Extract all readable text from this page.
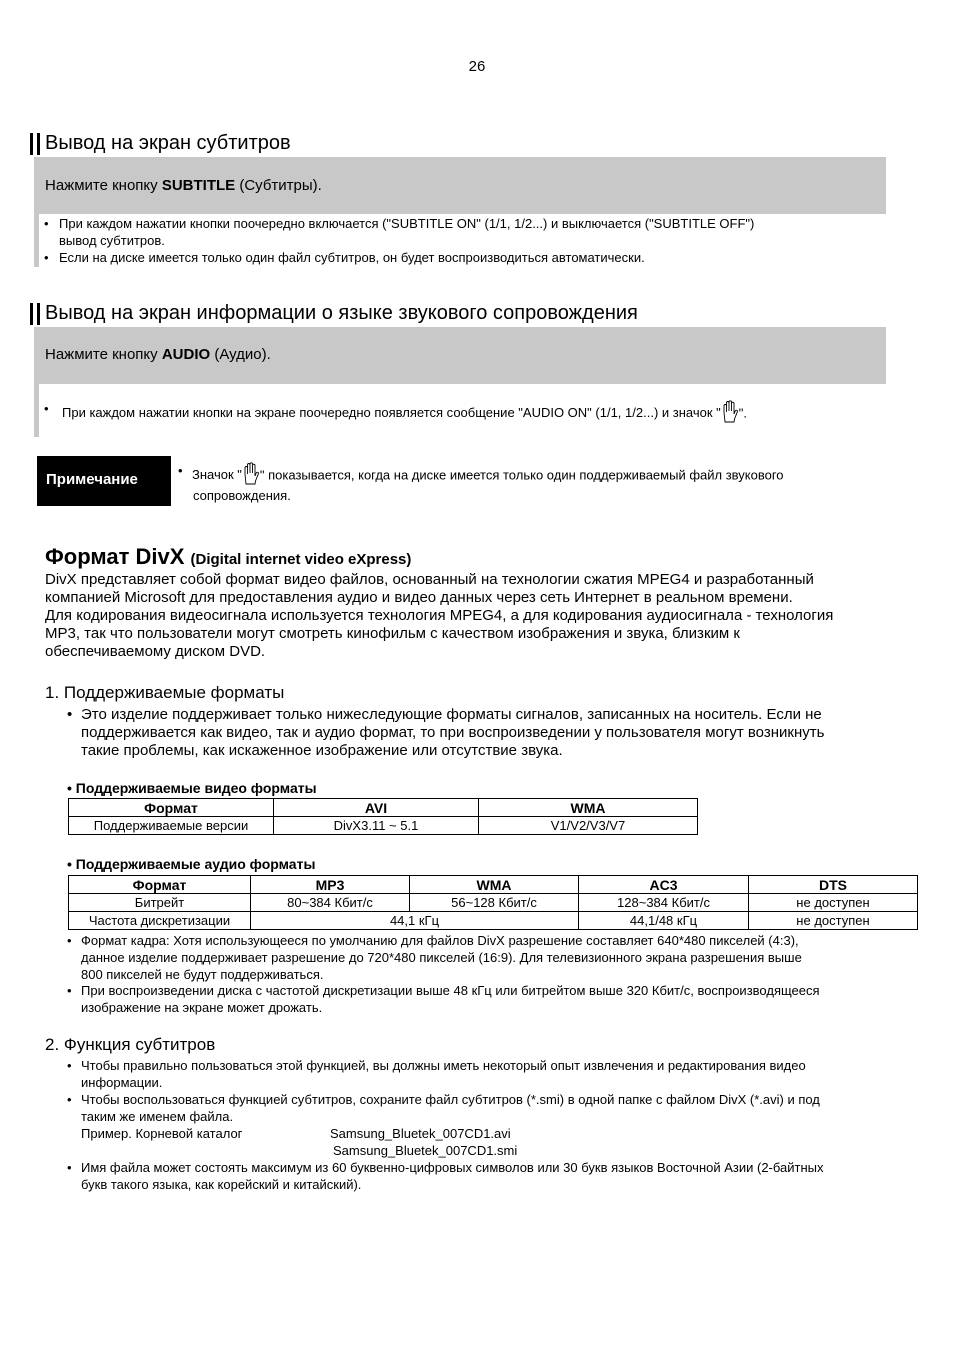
26
Вывод на экран субтитров
Нажмите кнопку SUBTITLE (Субтитры).
• При каждом нажатии кнопки поочередно включается ("SUBTITLE ON" (1/1, 1/2...) и выключается ("SUBTITLE OFF")
вывод субтитров.
• Если на диске имеется только один файл субтитров, он будет воспроизводиться автоматически.
Вывод на экран информации о языке звукового сопровождения
Нажмите кнопку AUDIO (Аудио).
• При каждом нажатии кнопки на экране поочередно появляется сообщение "AUDIO ON" (1/1, 1/2...) и значок " ".
Примечание
• Значок " " показывается, когда на диске имеется только один поддерживаемый файл звукового
сопровождения.
Формат DivX (Digital internet video eXpress)
DivX представляет собой формат видео файлов, основанный на технологии сжатия MPEG4 и разработанный
компанией Microsoft для предоставления аудио и видео данных через сеть Интернет в реальном времени.
Для кодирования видеосигнала используется технология MPEG4, а для кодирования аудиосигнала - технология
MP3, так что пользователи могут смотреть кинофильм с качеством изображения и звука, близким к
обеспечиваемому диском DVD.
1. Поддерживаемые форматы
• Это изделие поддерживает только нижеследующие форматы сигналов, записанных на носитель. Если не
поддерживается как видео, так и аудио формат, то при воспроизведении у пользователя могут возникнуть
такие проблемы, как искаженное изображение или отсутствие звука.
• Поддерживаемые видео форматы
Формат	AVI	WMA
Поддерживаемые версии	DivX3.11 ~ 5.1	V1/V2/V3/V7
• Поддерживаемые аудио форматы
Формат	MP3	WMA	AC3	DTS
Битрейт	80~384 Кбит/с	56~128 Кбит/с	128~384 Кбит/с	не доступен
Частота дискретизации	44,1 кГц		44,1/48 кГц	не доступен
• Формат кадра: Хотя использующееся по умолчанию для файлов DivX разрешение составляет 640*480 пикселей (4:3),
данное изделие поддерживает разрешение до 720*480 пикселей (16:9). Для телевизионного экрана разрешения выше
800 пикселей не будут поддерживаться.
• При воспроизведении диска с частотой дискретизации выше 48 кГц или битрейтом выше 320 Кбит/с, воспроизводящееся
изображение на экране может дрожать.
2. Функция субтитров
• Чтобы правильно пользоваться этой функцией, вы должны иметь некоторый опыт извлечения и редактирования видео
информации.
• Чтобы воспользоваться функцией субтитров, сохраните файл субтитров (*.smi) в одной папке с файлом DivX (*.avi) и под
таким же именем файла.
Пример. Корневой каталог	Samsung_Bluetek_007CD1.avi
Samsung_Bluetek_007CD1.smi
• Имя файла может состоять максимум из 60 буквенно-цифровых символов или 30 букв языков Восточной Азии (2-байтных
букв такого языка, как корейский и китайский).
